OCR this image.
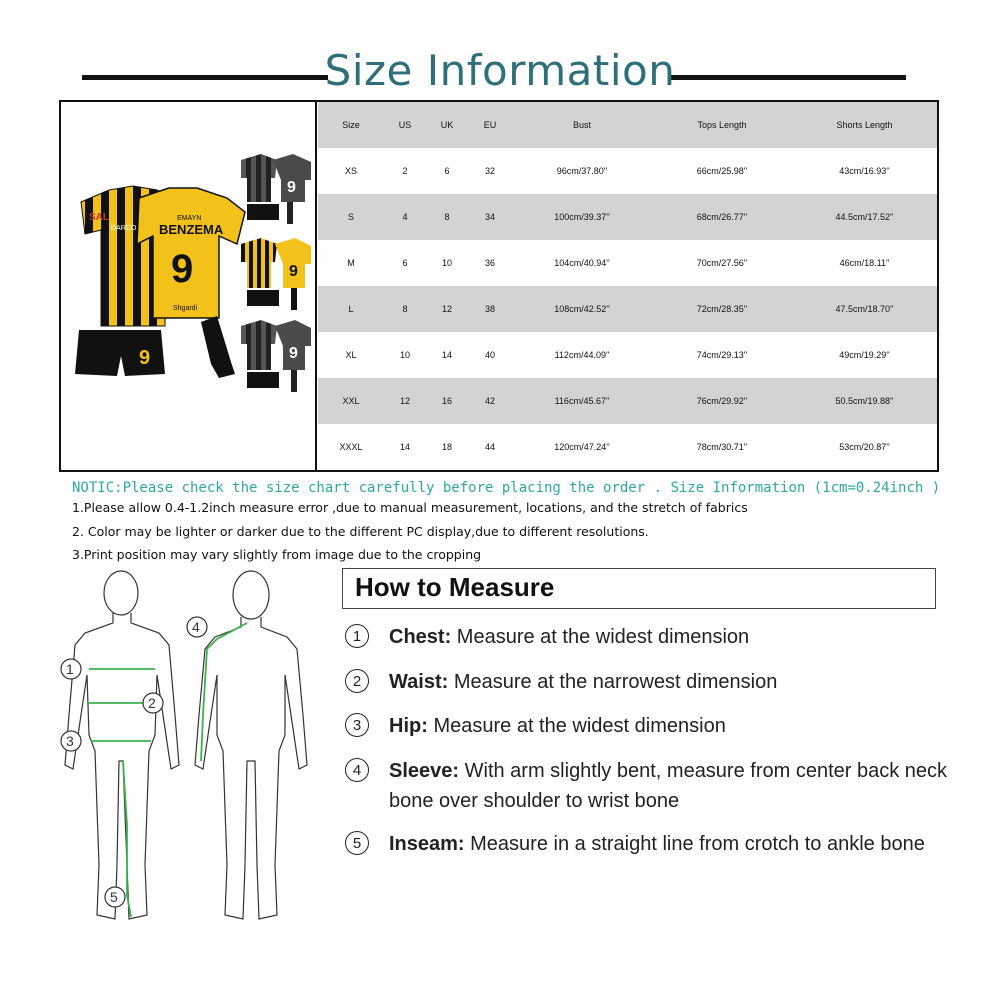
Size Information
SAL
DARCO
9
EMAYN
BENZEMA
9
Shgardi
9
9
9
Size	US	UK	EU	Bust	Tops Length	Shorts Length
XS	2	6	32	96cm/37.80''	66cm/25.98''	43cm/16.93''
S	4	8	34	100cm/39.37''	68cm/26.77''	44.5cm/17.52''
M	6	10	36	104cm/40.94''	70cm/27.56''	46cm/18.11''
L	8	12	38	108cm/42.52''	72cm/28.35''	47.5cm/18.70''
XL	10	14	40	112cm/44.09''	74cm/29.13''	49cm/19.29''
XXL	12	16	42	116cm/45.67''	76cm/29.92''	50.5cm/19.88''
XXXL	14	18	44	120cm/47.24''	78cm/30.71''	53cm/20.87''
NOTIC:Please check the size chart carefully before placing the order . Size Information (1cm=0.24inch )
1.Please allow 0.4-1.2inch measure error ,due to manual measurement, locations, and the stretch of fabrics
2. Color may be lighter or darker due to the different PC display,due to different resolutions.
3.Print position may vary slightly from image due to the cropping
1
2
3
4
5
How to Measure
1	Chest: Measure at the widest dimension
2	Waist: Measure at the narrowest dimension
3	Hip: Measure at the widest dimension
4	Sleeve: With arm slightly bent, measure from center back neck bone over shoulder to wrist bone
5	Inseam: Measure in a straight line from crotch to ankle bone
